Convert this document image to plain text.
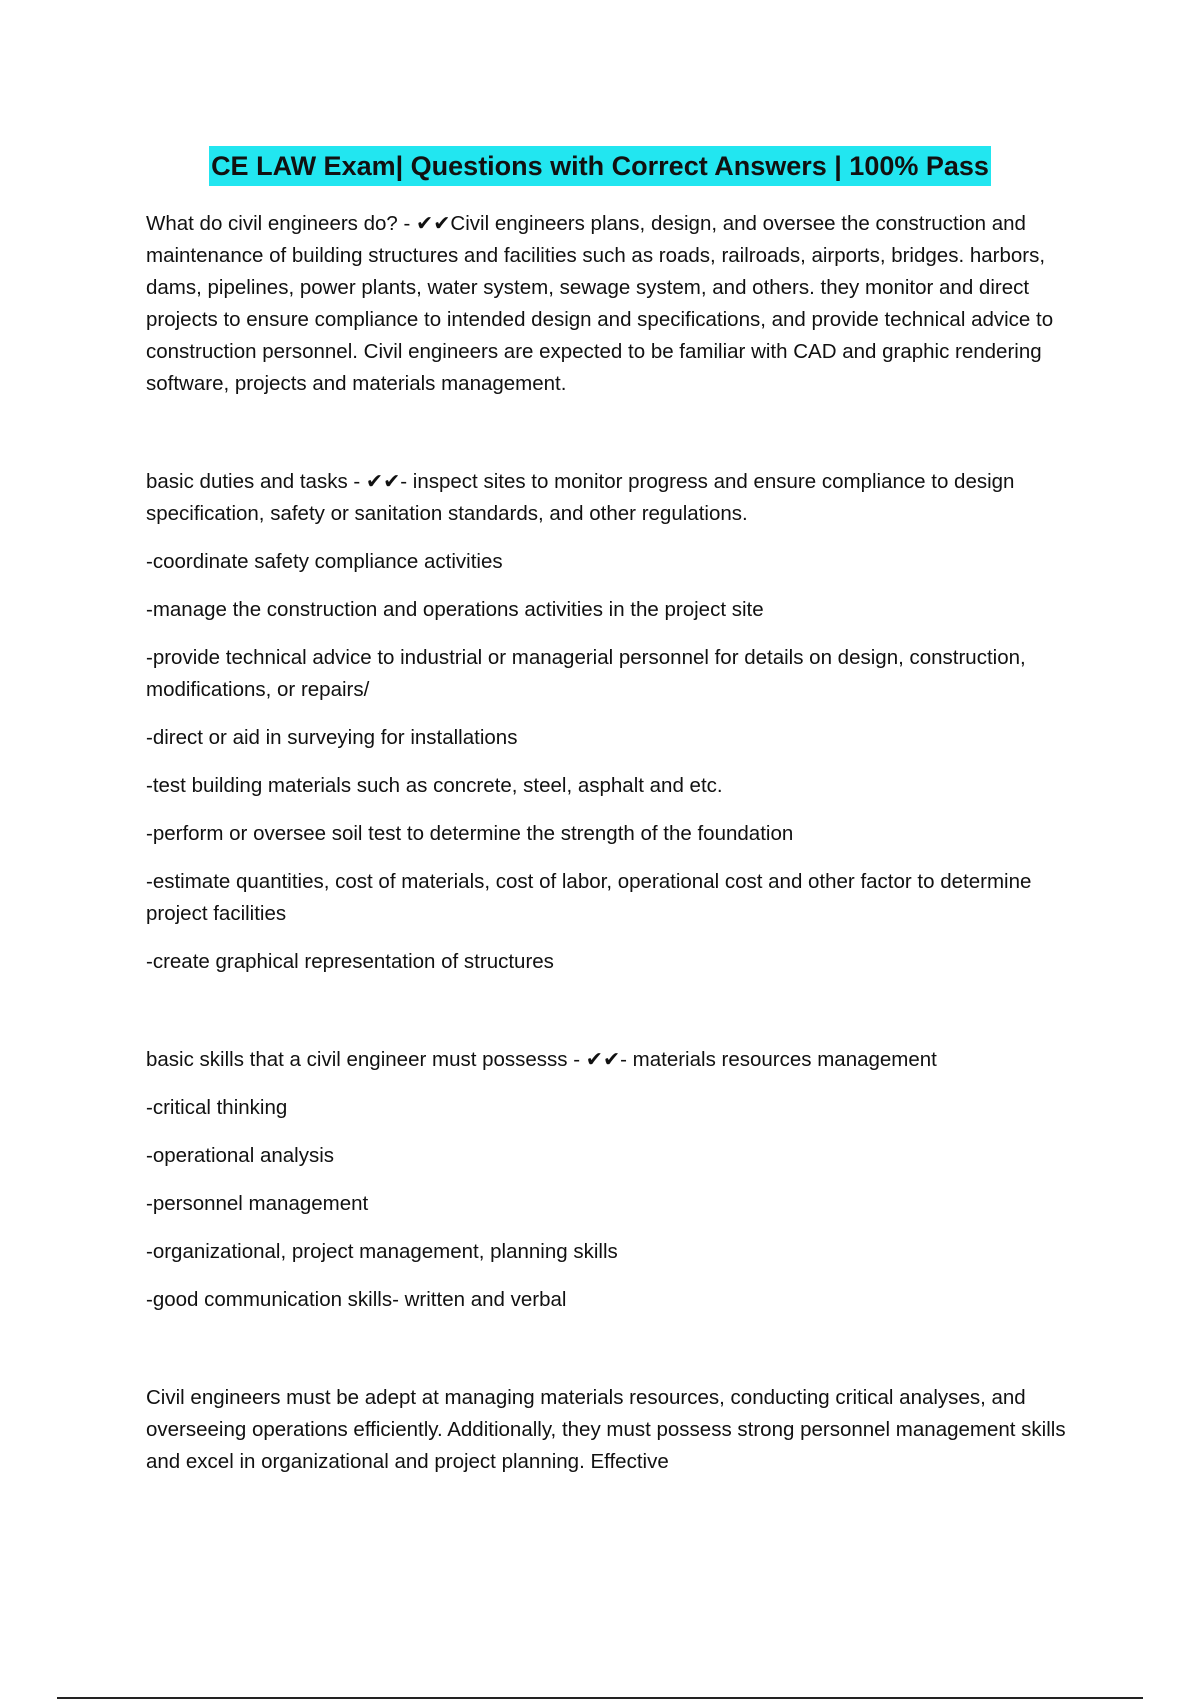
CE LAW Exam| Questions with Correct Answers | 100% Pass

What do civil engineers do? - ✔✔Civil engineers plans, design, and oversee the construction and maintenance of building structures and facilities such as roads, railroads, airports, bridges. harbors, dams, pipelines, power plants, water system, sewage system, and others. they monitor and direct projects to ensure compliance to intended design and specifications, and provide technical advice to construction personnel. Civil engineers are expected to be familiar with CAD and graphic rendering software, projects and materials management.

basic duties and tasks - ✔✔- inspect sites to monitor progress and ensure compliance to design specification, safety or sanitation standards, and other regulations.

-coordinate safety compliance activities

-manage the construction and operations activities in the project site

-provide technical advice to industrial or managerial personnel for details on design, construction, modifications, or repairs/

-direct or aid in surveying for installations

-test building materials such as concrete, steel, asphalt and etc.

-perform or oversee soil test to determine the strength of the foundation

-estimate quantities, cost of materials, cost of labor, operational cost and other factor to determine project facilities

-create graphical representation of structures

basic skills that a civil engineer must possesss - ✔✔- materials resources management

-critical thinking

-operational analysis

-personnel management

-organizational, project management, planning skills

-good communication skills- written and verbal

Civil engineers must be adept at managing materials resources, conducting critical analyses, and overseeing operations efficiently. Additionally, they must possess strong personnel management skills and excel in organizational and project planning. Effective
